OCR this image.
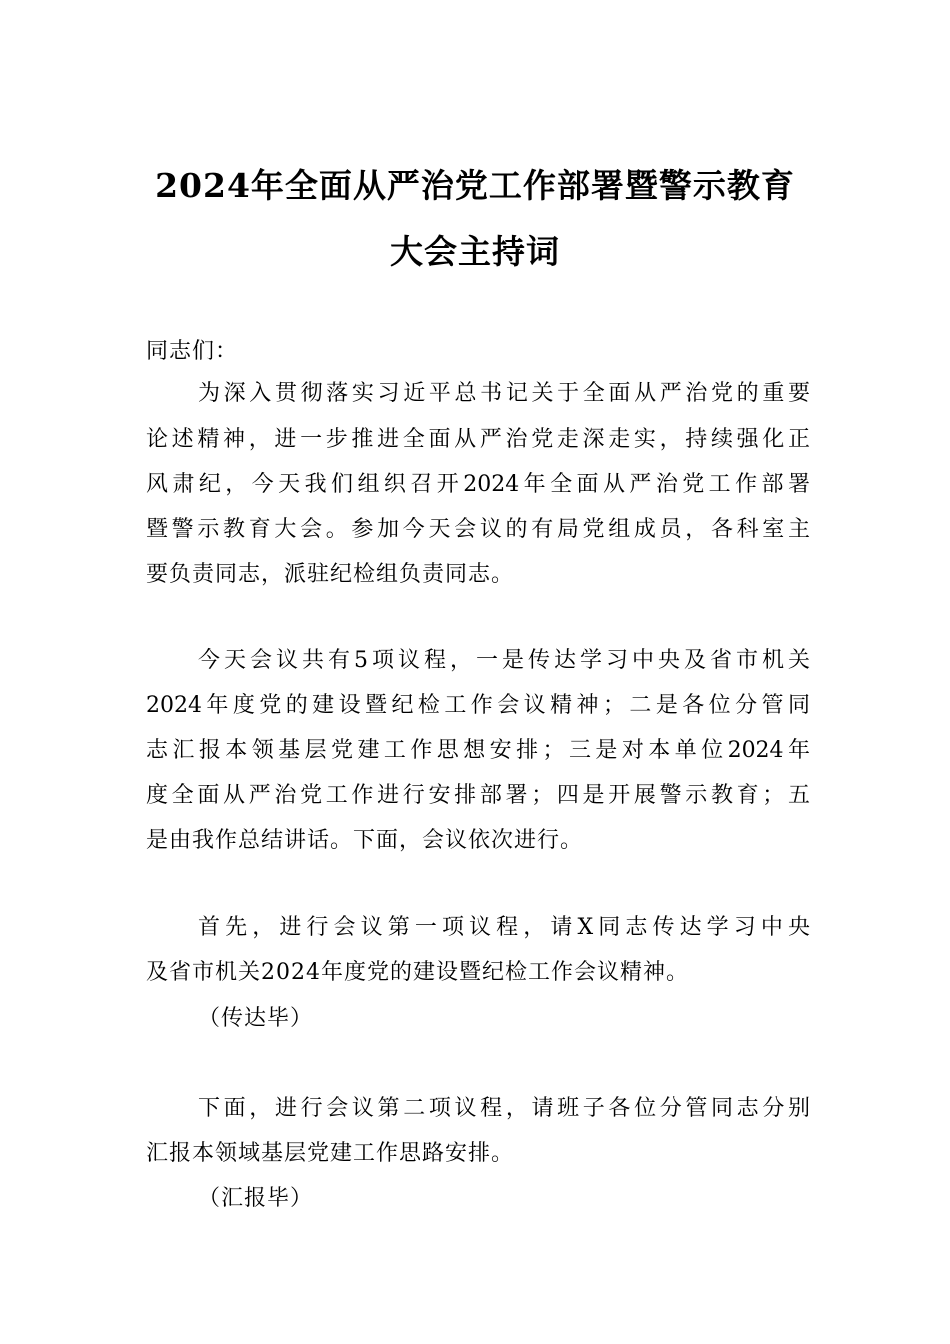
2024年全面从严治党工作部署暨警示教育
大会主持词
同志们：
为深入贯彻落实习近平总书记关于全面从严治党的重要
论述精神，进一步推进全面从严治党走深走实，持续强化正
风肃纪，今天我们组织召开2024年全面从严治党工作部署
暨警示教育大会。参加今天会议的有局党组成员，各科室主
要负责同志，派驻纪检组负责同志。
今天会议共有5项议程，一是传达学习中央及省市机关
2024年度党的建设暨纪检工作会议精神；二是各位分管同
志汇报本领基层党建工作思想安排；三是对本单位2024年
度全面从严治党工作进行安排部署；四是开展警示教育；五
是由我作总结讲话。下面，会议依次进行。
首先，进行会议第一项议程，请X同志传达学习中央
及省市机关2024年度党的建设暨纪检工作会议精神。
（传达毕）
下面，进行会议第二项议程，请班子各位分管同志分别
汇报本领域基层党建工作思路安排。
（汇报毕）
